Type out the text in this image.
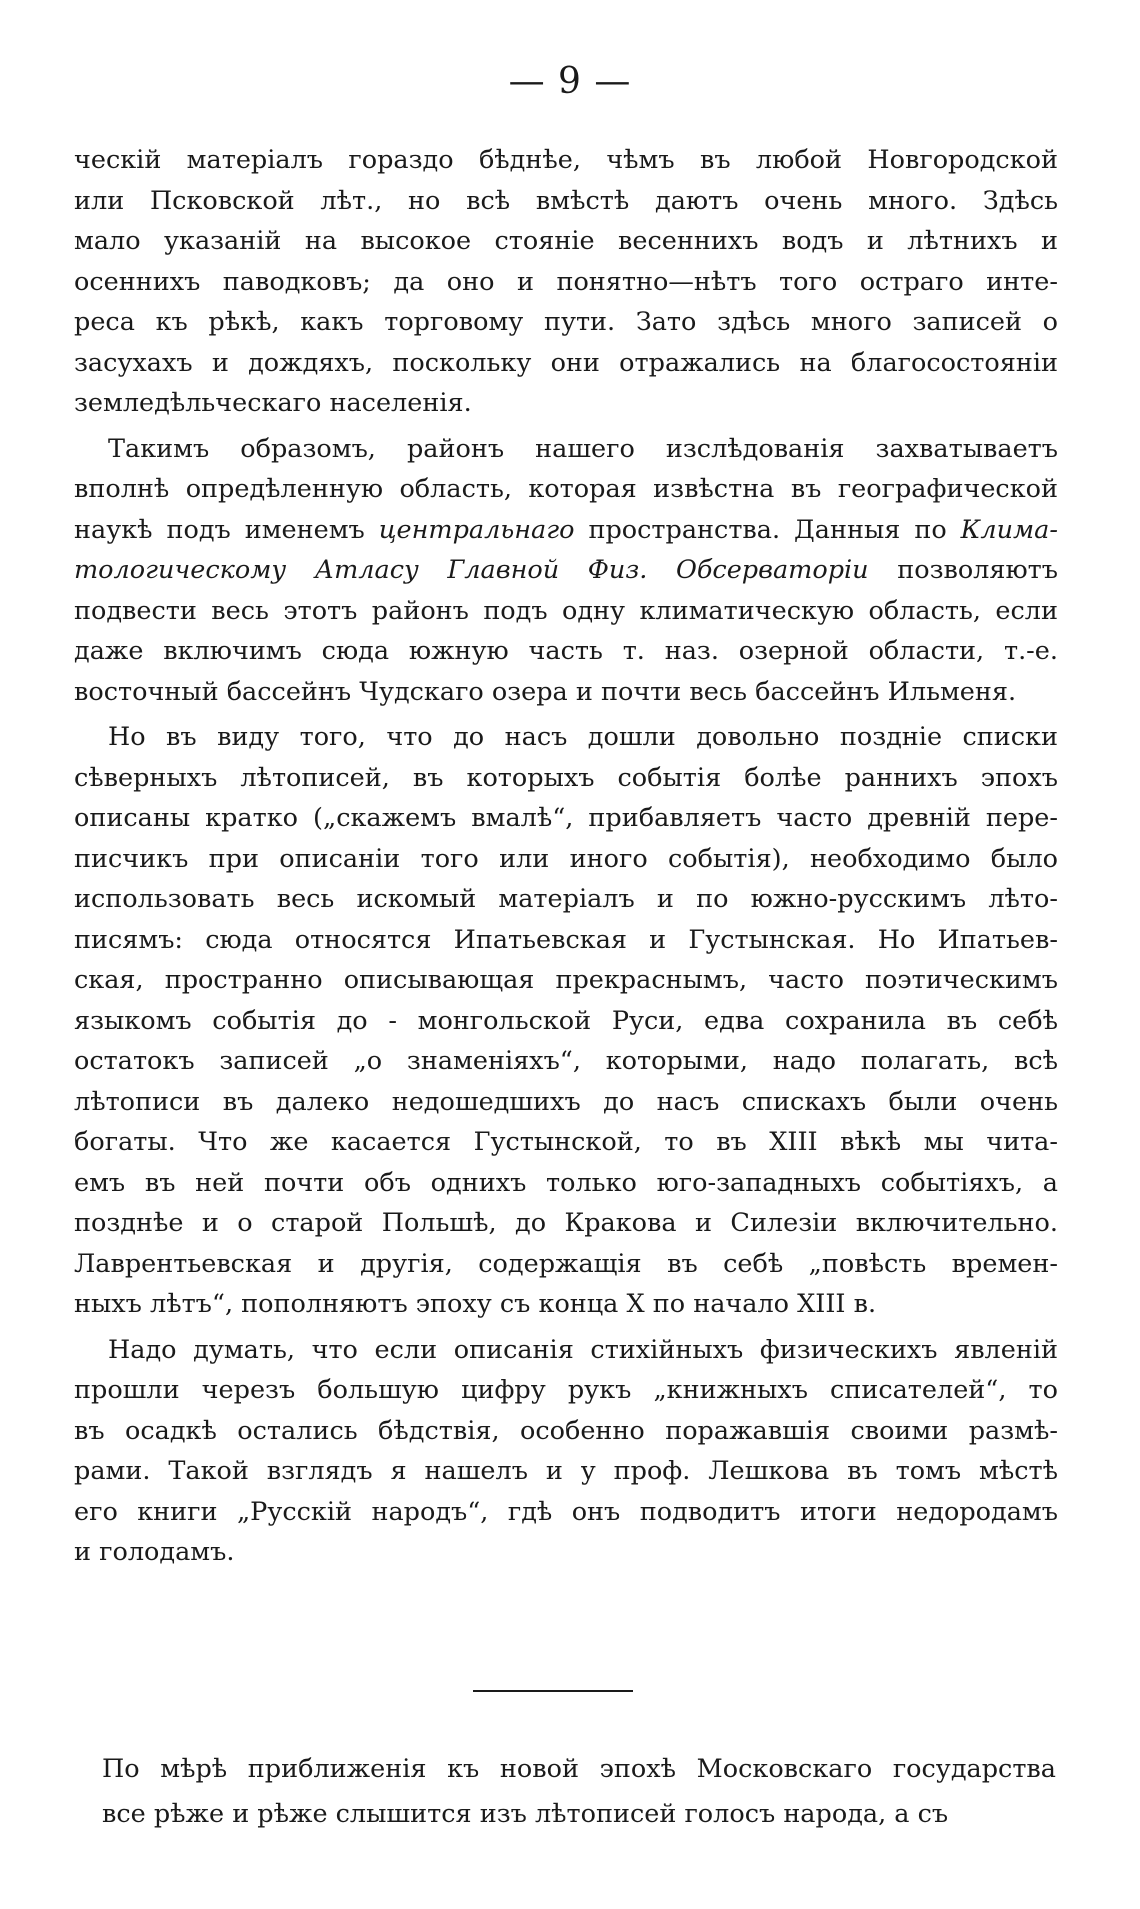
— 9 —
ческій матеріалъ гораздо бѣднѣе, чѣмъ въ любой Новгородской
или Псковской лѣт., но всѣ вмѣстѣ даютъ очень много. Здѣсь
мало указаній на высокое стояніе весеннихъ водъ и лѣтнихъ и
осеннихъ паводковъ; да оно и понятно—нѣтъ того остраго инте-
реса къ рѣкѣ, какъ торговому пути. Зато здѣсь много записей о
засухахъ и дождяхъ, поскольку они отражались на благосостояніи
земледѣльческаго населенія.
Такимъ образомъ, районъ нашего изслѣдованія захватываетъ
вполнѣ опредѣленную область, которая извѣстна въ географической
наукѣ подъ именемъ центральнаго пространства. Данныя по Клима-
тологическому Атласу Главной Физ. Обсерваторіи позволяютъ
подвести весь этотъ районъ подъ одну климатическую область, если
даже включимъ сюда южную часть т. наз. озерной области, т.-е.
восточный бассейнъ Чудскаго озера и почти весь бассейнъ Ильменя.
Но въ виду того, что до насъ дошли довольно поздніе списки
сѣверныхъ лѣтописей, въ которыхъ событія болѣе раннихъ эпохъ
описаны кратко („скажемъ вмалѣ“, прибавляетъ часто древній пере-
писчикъ при описаніи того или иного событія), необходимо было
использовать весь искомый матеріалъ и по южно-русскимъ лѣто-
писямъ: сюда относятся Ипатьевская и Густынская. Но Ипатьев-
ская, пространно описывающая прекраснымъ, часто поэтическимъ
языкомъ событія до - монгольской Руси, едва сохранила въ себѣ
остатокъ записей „о знаменіяхъ“, которыми, надо полагать, всѣ
лѣтописи въ далеко недошедшихъ до насъ спискахъ были очень
богаты. Что же касается Густынской, то въ XIII вѣкѣ мы чита-
емъ въ ней почти объ однихъ только юго-западныхъ событіяхъ, а
позднѣе и о старой Польшѣ, до Кракова и Силезіи включительно.
Лаврентьевская и другія, содержащія въ себѣ „повѣсть времен-
ныхъ лѣтъ“, пополняютъ эпоху съ конца X по начало XIII в.
Надо думать, что если описанія стихійныхъ физическихъ явленій
прошли черезъ большую цифру рукъ „книжныхъ списателей“, то
въ осадкѣ остались бѣдствія, особенно поражавшія своими размѣ-
рами. Такой взглядъ я нашелъ и у проф. Лешкова въ томъ мѣстѣ
его книги „Русскій народъ“, гдѣ онъ подводитъ итоги недородамъ
и голодамъ.
По мѣрѣ приближенія къ новой эпохѣ Московскаго государства
все рѣже и рѣже слышится изъ лѣтописей голосъ народа, а съ
